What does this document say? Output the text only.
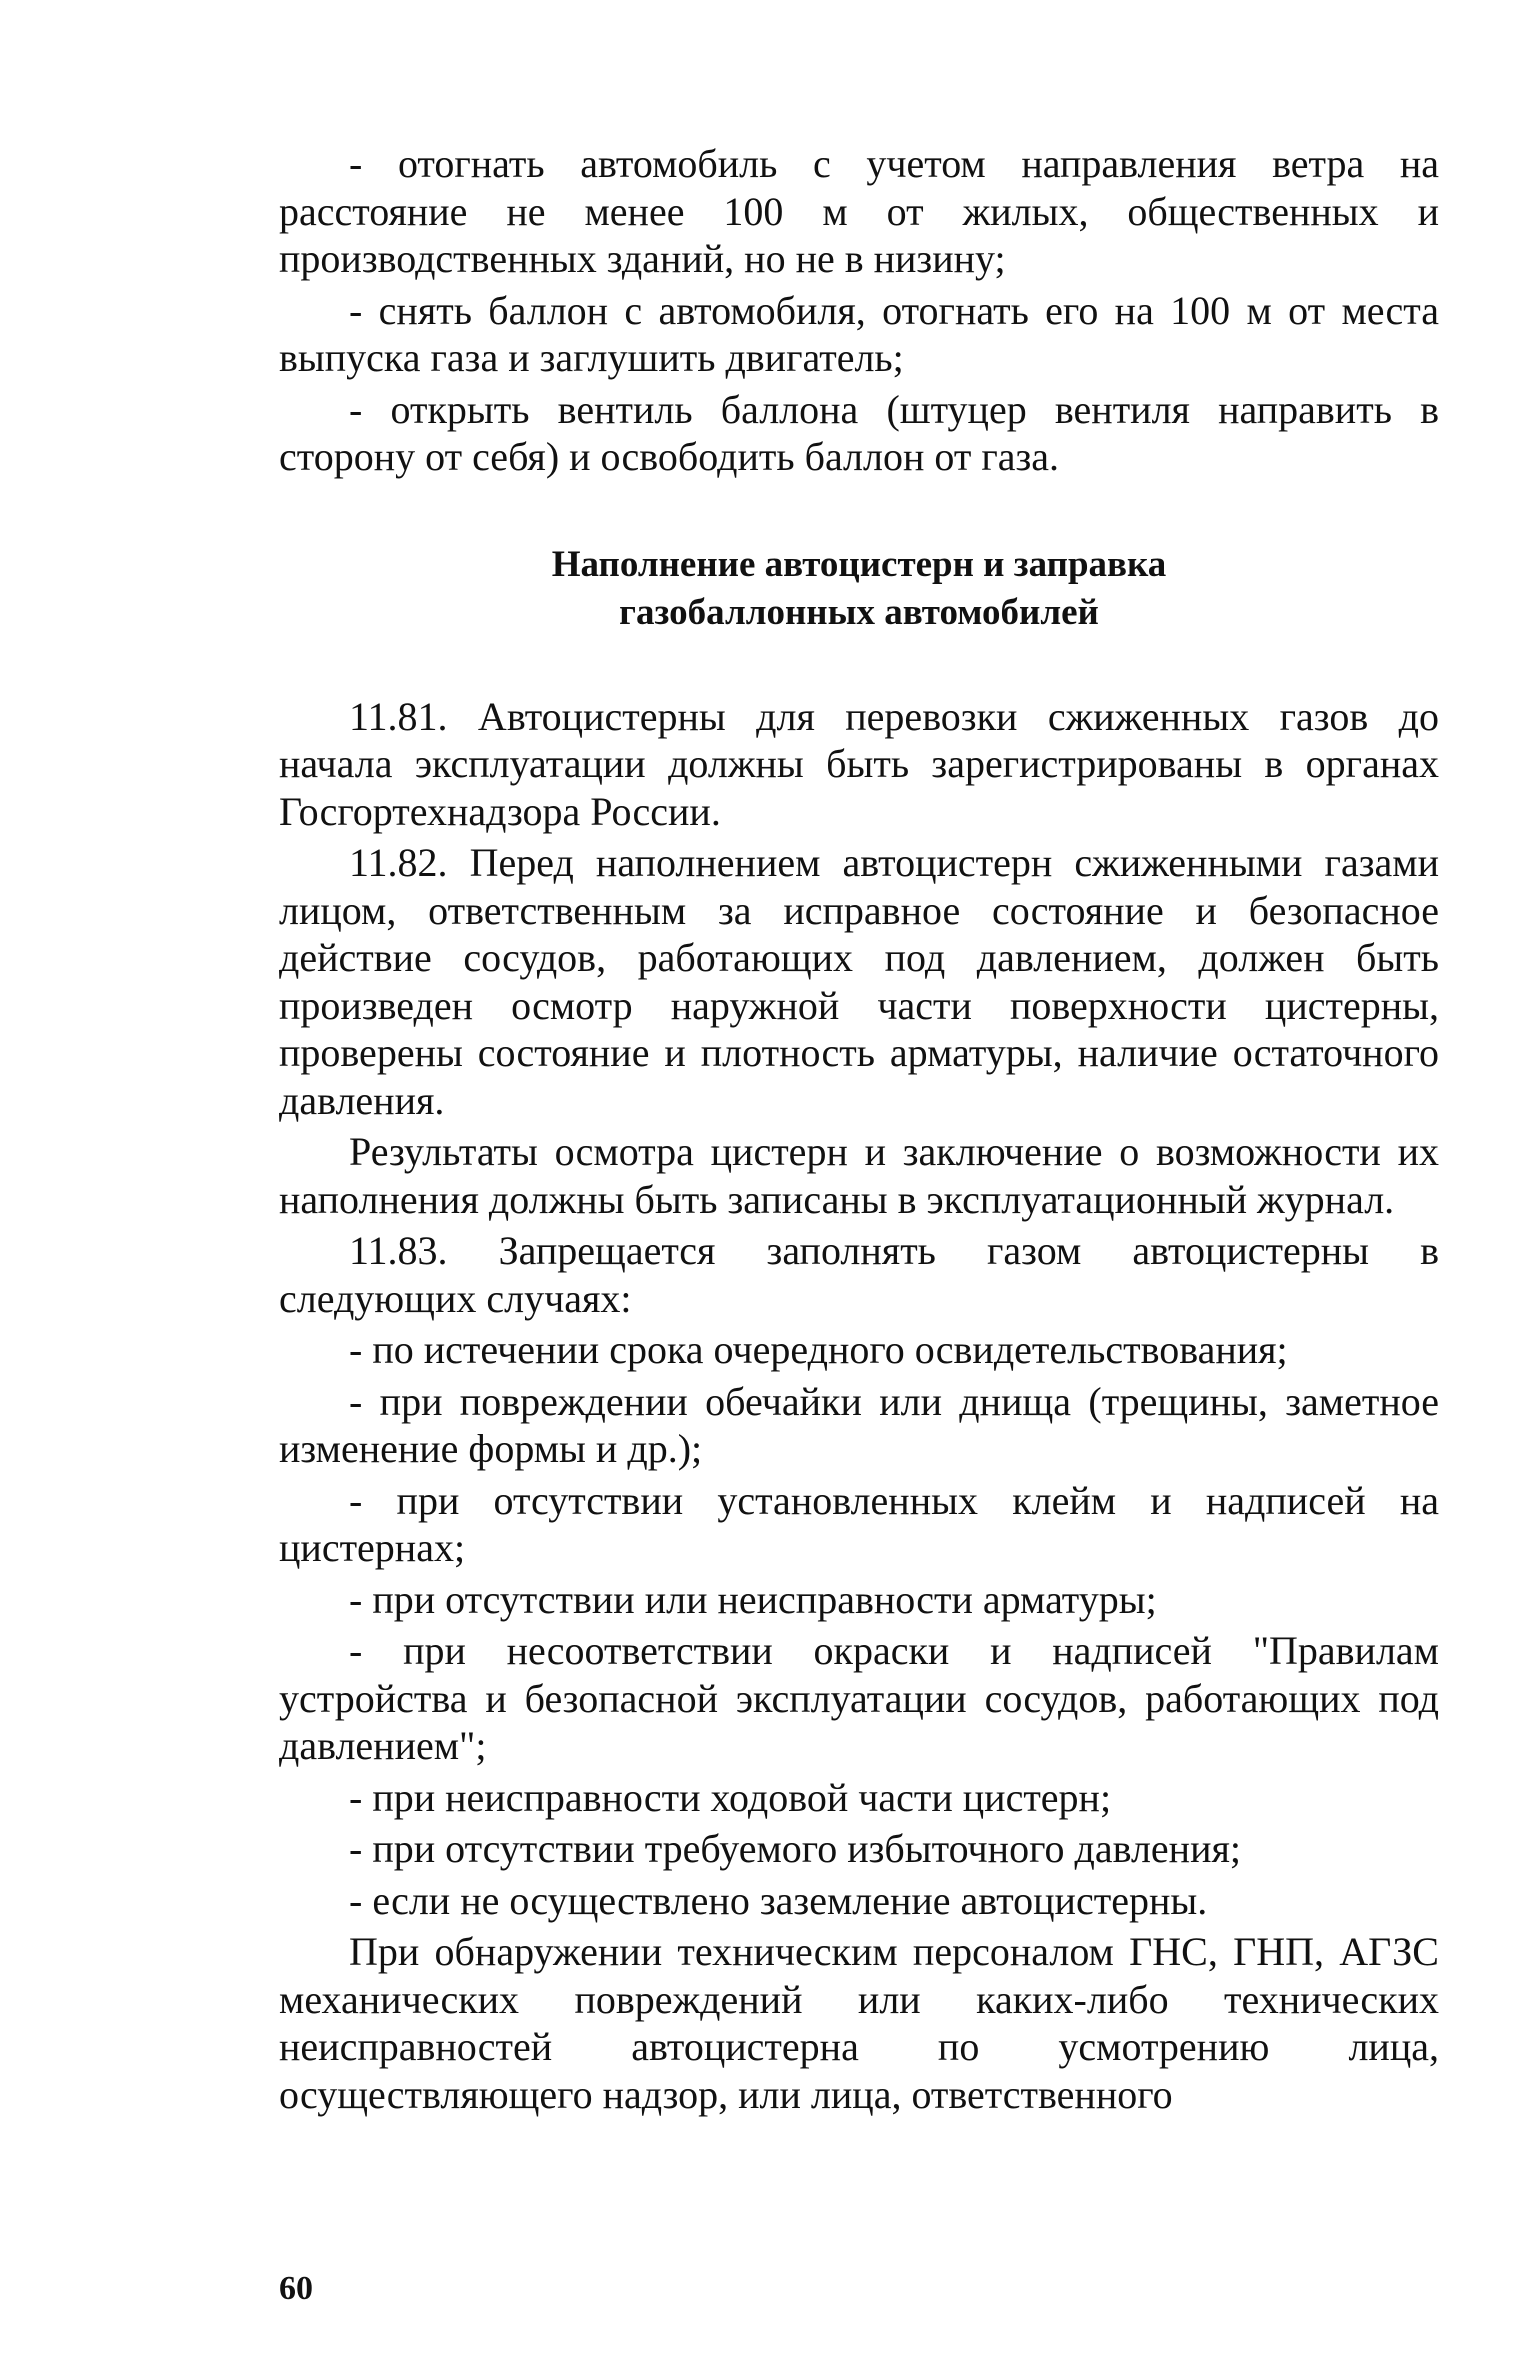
- отогнать автомобиль с учетом направления ветра на расстояние не менее 100 м от жилых, общественных и производственных зданий, но не в низину;

- снять баллон с автомобиля, отогнать его на 100 м от места выпуска газа и заглушить двигатель;

- открыть вентиль баллона (штуцер вентиля направить в сторону от себя) и освободить баллон от газа.

Наполнение автоцистерн и заправка
газобаллонных автомобилей

11.81. Автоцистерны для перевозки сжиженных газов до начала эксплуатации должны быть зарегистрированы в органах Госгортехнадзора России.

11.82. Перед наполнением автоцистерн сжиженными газами лицом, ответственным за исправное состояние и безопасное действие сосудов, работающих под давлением, должен быть произведен осмотр наружной части поверхности цистерны, проверены состояние и плотность арматуры, наличие остаточного давления.

Результаты осмотра цистерн и заключение о возможности их наполнения должны быть записаны в эксплуатационный журнал.

11.83. Запрещается заполнять газом автоцистерны в следующих случаях:

- по истечении срока очередного освидетельствования;

- при повреждении обечайки или днища (трещины, заметное изменение формы и др.);

- при отсутствии установленных клейм и надписей на цистернах;

- при отсутствии или неисправности арматуры;

- при несоответствии окраски и надписей "Правилам устройства и безопасной эксплуатации сосудов, работающих под давлением";

- при неисправности ходовой части цистерн;

- при отсутствии требуемого избыточного давления;

- если не осуществлено заземление автоцистерны.

При обнаружении техническим персоналом ГНС, ГНП, АГЗС механических повреждений или каких-либо технических неисправностей автоцистерна по усмотрению лица, осуществляющего надзор, или лица, ответственного

60
